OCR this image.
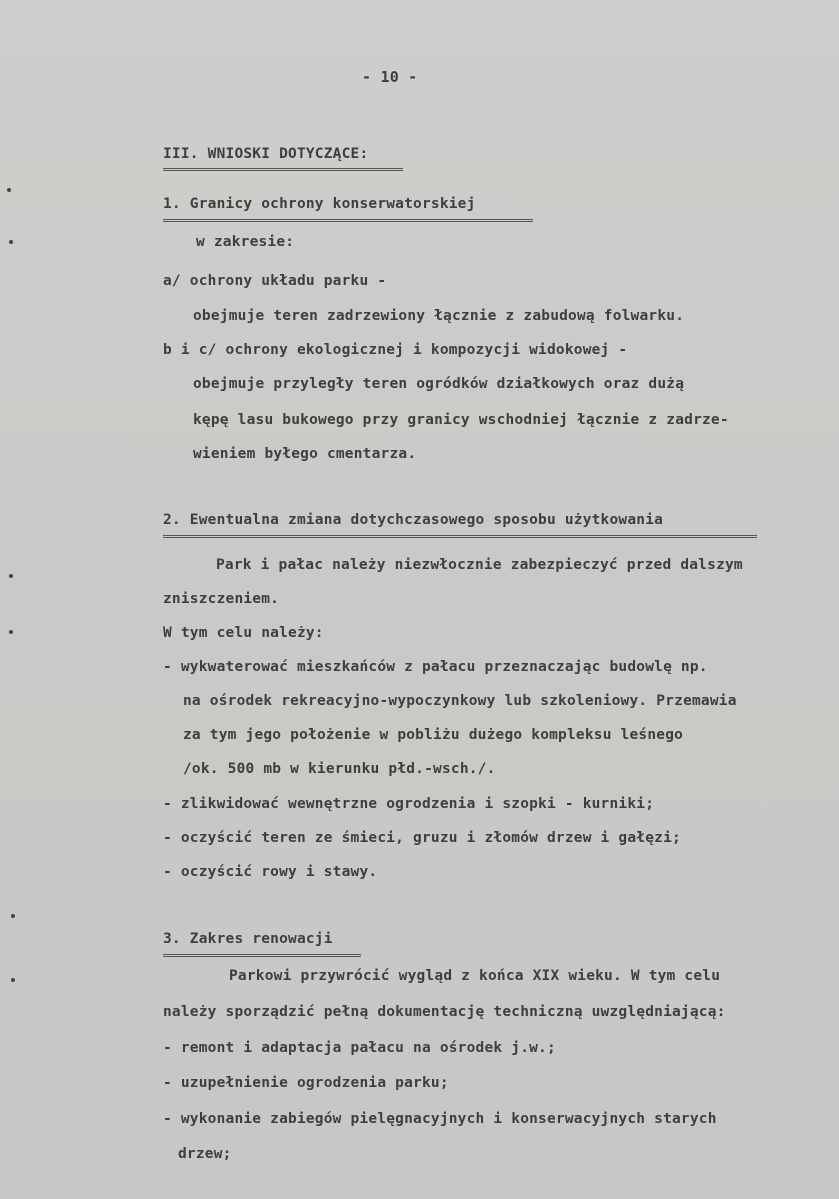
- 10 -
III. WNIOSKI DOTYCZĄCE:
1. Granicy ochrony konserwatorskiej
w zakresie:
a/ ochrony układu parku -
obejmuje teren zadrzewiony łącznie z zabudową folwarku.
b i c/ ochrony ekologicznej i kompozycji widokowej -
obejmuje przyległy teren ogródków działkowych oraz dużą
kępę lasu bukowego przy granicy wschodniej łącznie z zadrze-
wieniem byłego cmentarza.
2. Ewentualna zmiana dotychczasowego sposobu użytkowania
Park i pałac należy niezwłocznie zabezpieczyć przed dalszym
zniszczeniem.
W tym celu należy:
- wykwaterować mieszkańców z pałacu przeznaczając budowlę np.
na ośrodek rekreacyjno-wypoczynkowy lub szkoleniowy. Przemawia
za tym jego położenie w pobliżu dużego kompleksu leśnego
/ok. 500 mb w kierunku płd.-wsch./.
- zlikwidować wewnętrzne ogrodzenia i szopki - kurniki;
- oczyścić teren ze śmieci, gruzu i złomów drzew i gałęzi;
- oczyścić rowy i stawy.
3. Zakres renowacji
Parkowi przywrócić wygląd z końca XIX wieku. W tym celu
należy sporządzić pełną dokumentację techniczną uwzględniającą:
- remont i adaptacja pałacu na ośrodek j.w.;
- uzupełnienie ogrodzenia parku;
- wykonanie zabiegów pielęgnacyjnych i konserwacyjnych starych
drzew;
